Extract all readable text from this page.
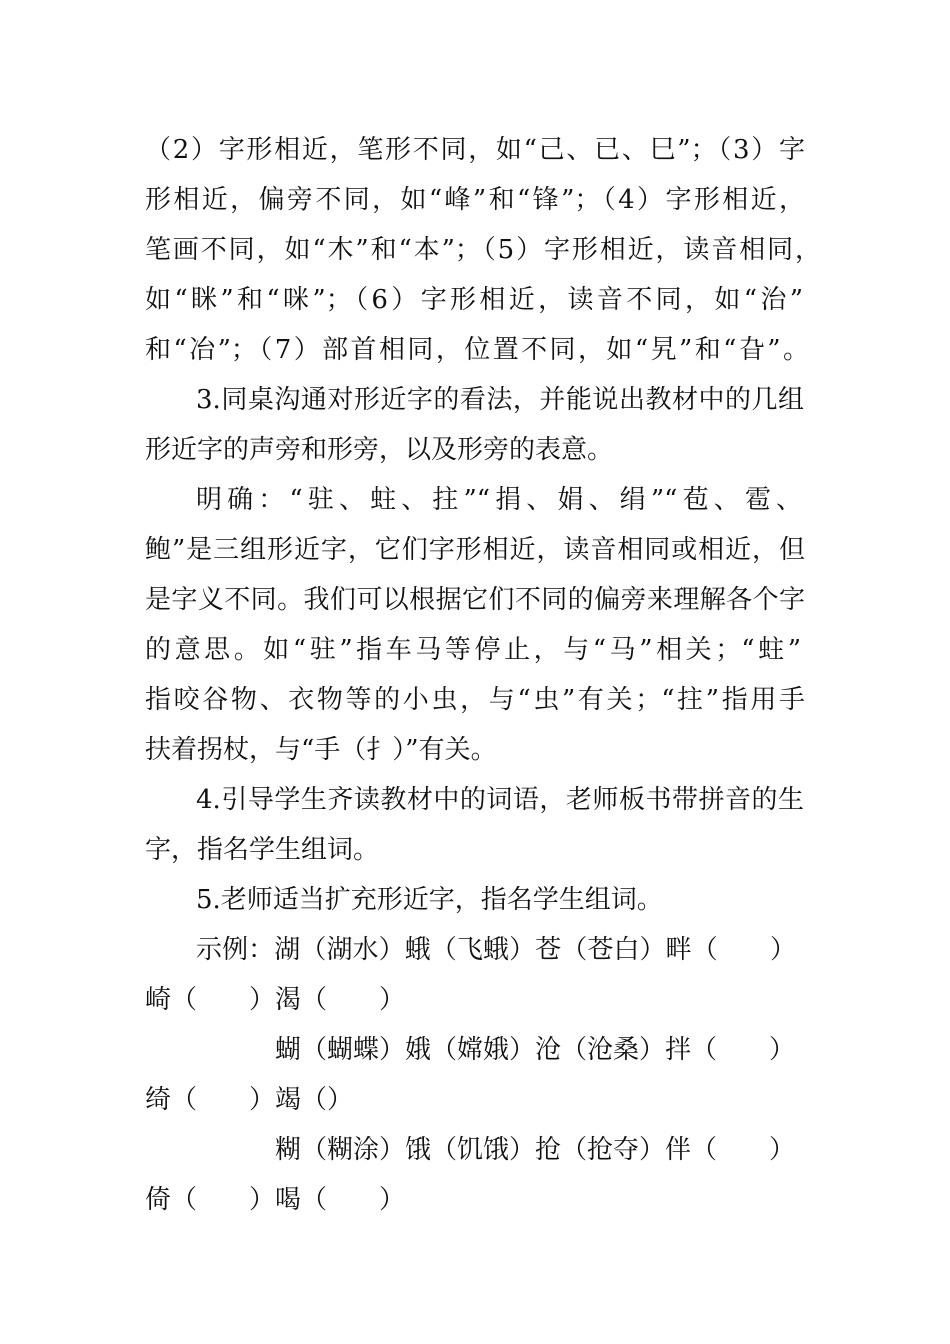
（2）字形相近，笔形不同，如“己、已、巳”；（3）字
形相近，偏旁不同，如“峰”和“锋”；（4）字形相近，
笔画不同，如“木”和“本”；（5）字形相近，读音相同，
如“眯”和“咪”；（6）字形相近，读音不同，如“治”
和“冶”；（7）部首相同，位置不同，如“旯”和“旮”。
3.同桌沟通对形近字的看法，并能说出教材中的几组
形近字的声旁和形旁，以及形旁的表意。
明确：“驻、蛀、拄”“捐、娟、绢”“苞、雹、
鲍”是三组形近字，它们字形相近，读音相同或相近，但
是字义不同。我们可以根据它们不同的偏旁来理解各个字
的意思。如“驻”指车马等停止，与“马”相关；“蛀”
指咬谷物、衣物等的小虫，与“虫”有关；“拄”指用手
扶着拐杖，与“手（扌）”有关。
4.引导学生齐读教材中的词语，老师板书带拼音的生
字，指名学生组词。
5.老师适当扩充形近字，指名学生组词。
示例：湖（湖水）蛾（飞蛾）苍（苍白）畔（　　）
崎（　　）渴（　　）
蝴（蝴蝶）娥（嫦娥）沧（沧桑）拌（　　）
绮（　　）竭（）
糊（糊涂）饿（饥饿）抢（抢夺）伴（　　）
倚（　　）喝（　　）
